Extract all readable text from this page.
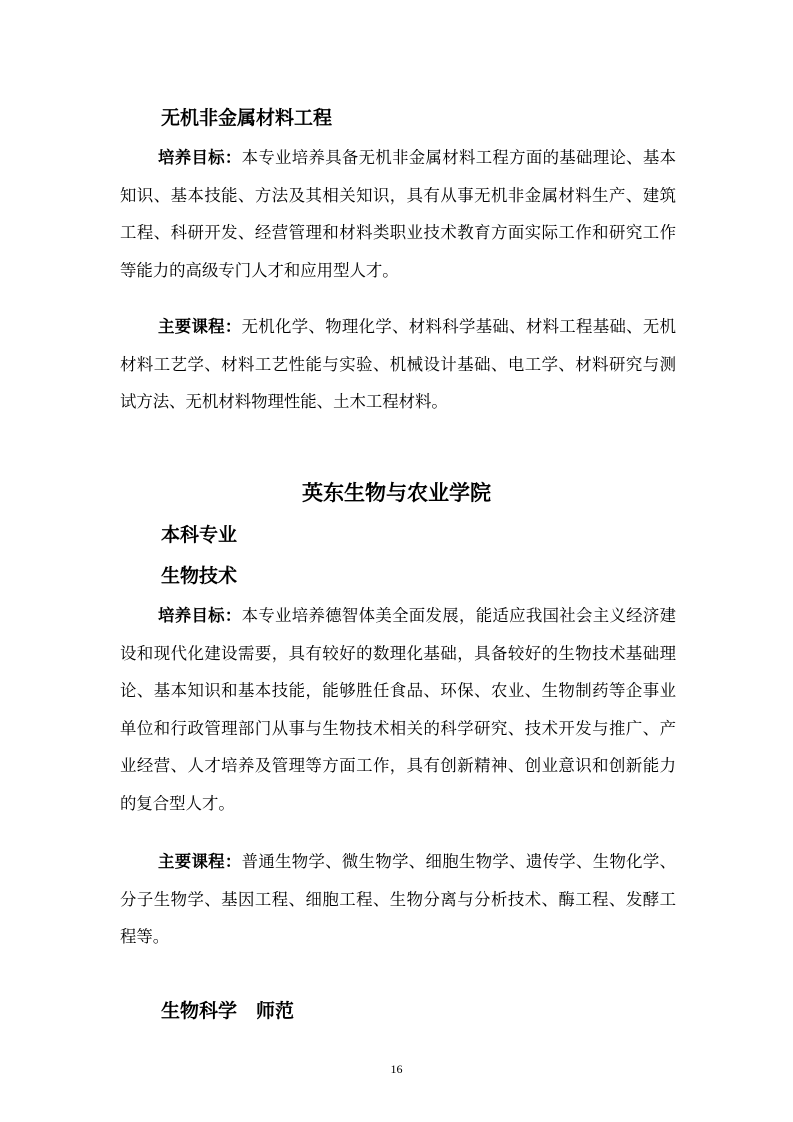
无机非金属材料工程
培养目标：本专业培养具备无机非金属材料工程方面的基础理论、基本知识、基本技能、方法及其相关知识，具有从事无机非金属材料生产、建筑工程、科研开发、经营管理和材料类职业技术教育方面实际工作和研究工作等能力的高级专门人才和应用型人才。
主要课程：无机化学、物理化学、材料科学基础、材料工程基础、无机材料工艺学、材料工艺性能与实验、机械设计基础、电工学、材料研究与测试方法、无机材料物理性能、土木工程材料。
英东生物与农业学院
本科专业
生物技术
培养目标：本专业培养德智体美全面发展，能适应我国社会主义经济建设和现代化建设需要，具有较好的数理化基础，具备较好的生物技术基础理论、基本知识和基本技能，能够胜任食品、环保、农业、生物制药等企事业单位和行政管理部门从事与生物技术相关的科学研究、技术开发与推广、产业经营、人才培养及管理等方面工作，具有创新精神、创业意识和创新能力的复合型人才。
主要课程：普通生物学、微生物学、细胞生物学、遗传学、生物化学、分子生物学、基因工程、细胞工程、生物分离与分析技术、酶工程、发酵工程等。
生物科学　师范
16
